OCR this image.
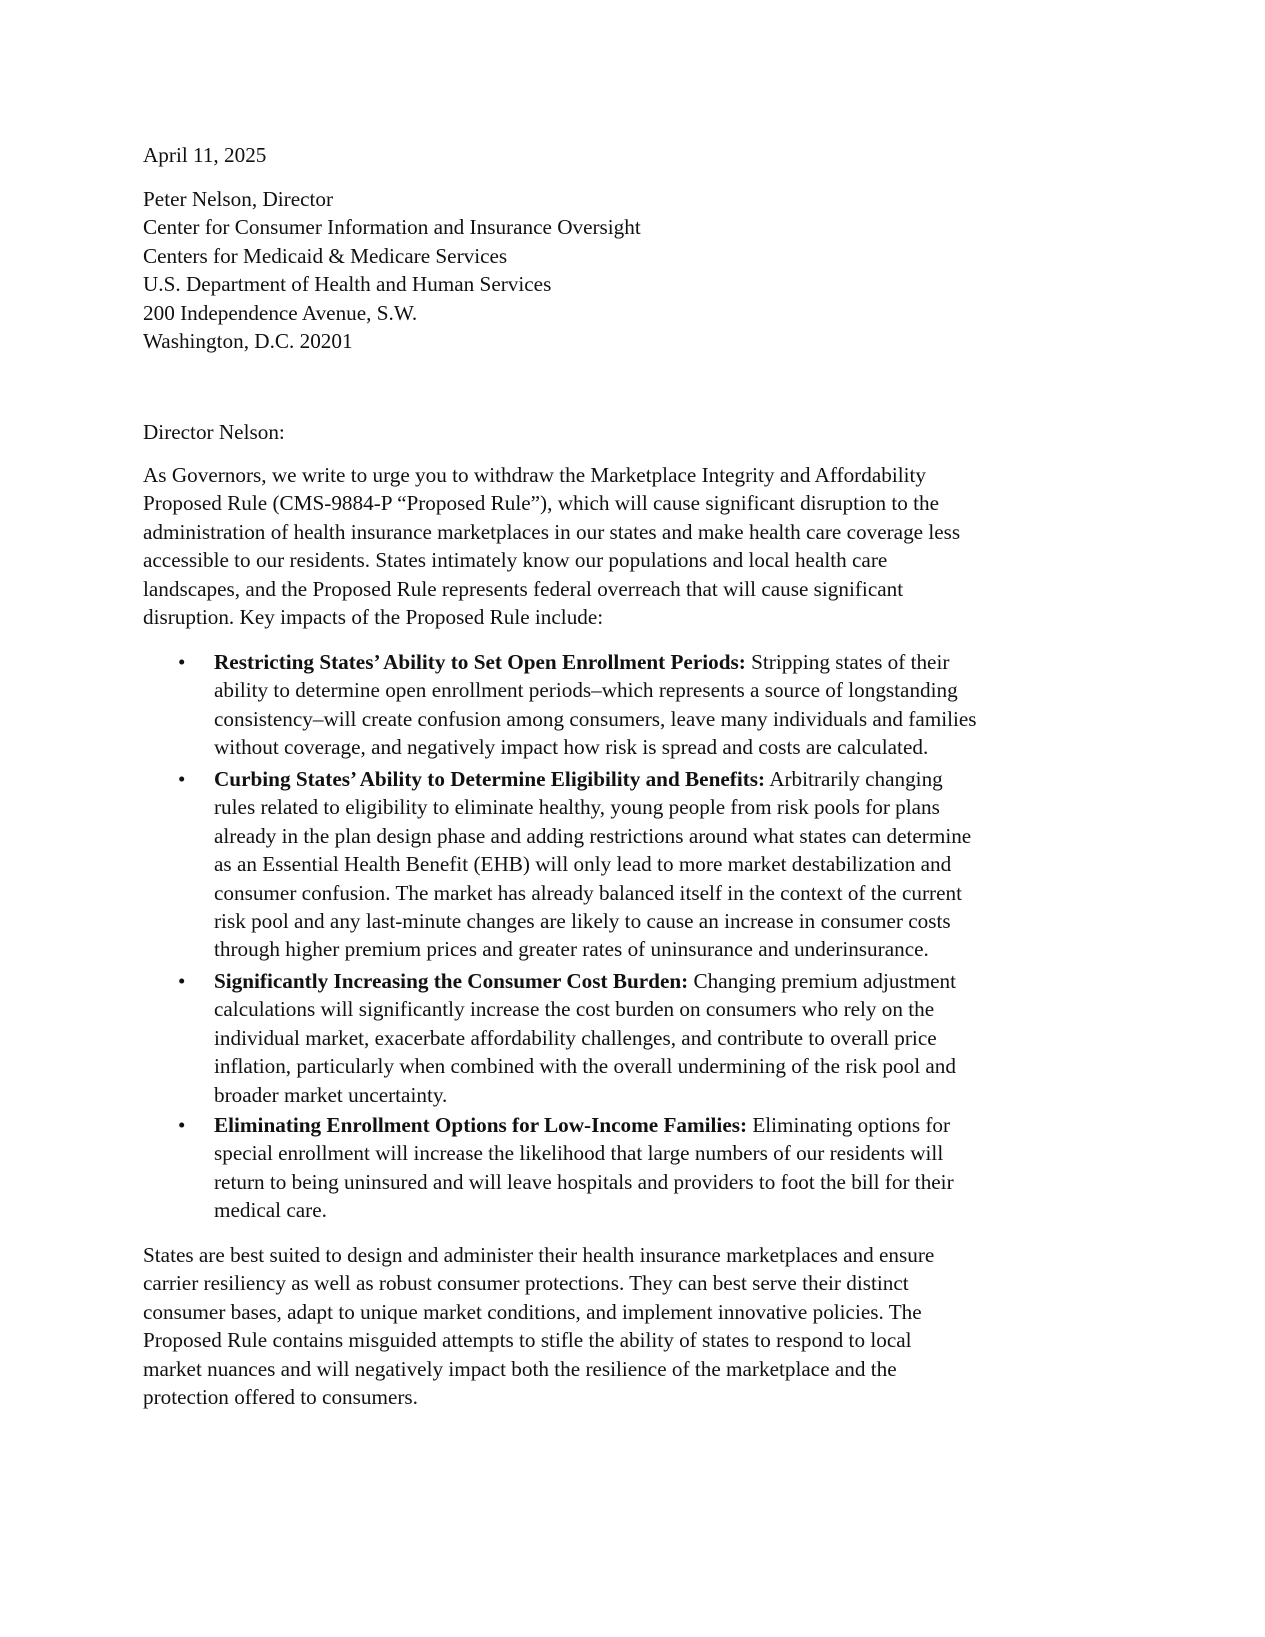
April 11, 2025

Peter Nelson, Director

Center for Consumer Information and Insurance Oversight

Centers for Medicaid & Medicare Services

U.S. Department of Health and Human Services

200 Independence Avenue, S.W.

Washington, D.C. 20201

Director Nelson:

As Governors, we write to urge you to withdraw the Marketplace Integrity and Affordability

Proposed Rule (CMS-9884-P “Proposed Rule”), which will cause significant disruption to the

administration of health insurance marketplaces in our states and make health care coverage less

accessible to our residents. States intimately know our populations and local health care

landscapes, and the Proposed Rule represents federal overreach that will cause significant

disruption. Key impacts of the Proposed Rule include:

• Restricting States’ Ability to Set Open Enrollment Periods: Stripping states of their
ability to determine open enrollment periods–which represents a source of longstanding
consistency–will create confusion among consumers, leave many individuals and families
without coverage, and negatively impact how risk is spread and costs are calculated.
• Curbing States’ Ability to Determine Eligibility and Benefits: Arbitrarily changing
rules related to eligibility to eliminate healthy, young people from risk pools for plans
already in the plan design phase and adding restrictions around what states can determine
as an Essential Health Benefit (EHB) will only lead to more market destabilization and
consumer confusion. The market has already balanced itself in the context of the current
risk pool and any last-minute changes are likely to cause an increase in consumer costs
through higher premium prices and greater rates of uninsurance and underinsurance.
• Significantly Increasing the Consumer Cost Burden: Changing premium adjustment
calculations will significantly increase the cost burden on consumers who rely on the
individual market, exacerbate affordability challenges, and contribute to overall price
inflation, particularly when combined with the overall undermining of the risk pool and
broader market uncertainty.
• Eliminating Enrollment Options for Low-Income Families: Eliminating options for
special enrollment will increase the likelihood that large numbers of our residents will
return to being uninsured and will leave hospitals and providers to foot the bill for their
medical care.

States are best suited to design and administer their health insurance marketplaces and ensure

carrier resiliency as well as robust consumer protections. They can best serve their distinct

consumer bases, adapt to unique market conditions, and implement innovative policies. The

Proposed Rule contains misguided attempts to stifle the ability of states to respond to local

market nuances and will negatively impact both the resilience of the marketplace and the

protection offered to consumers.
